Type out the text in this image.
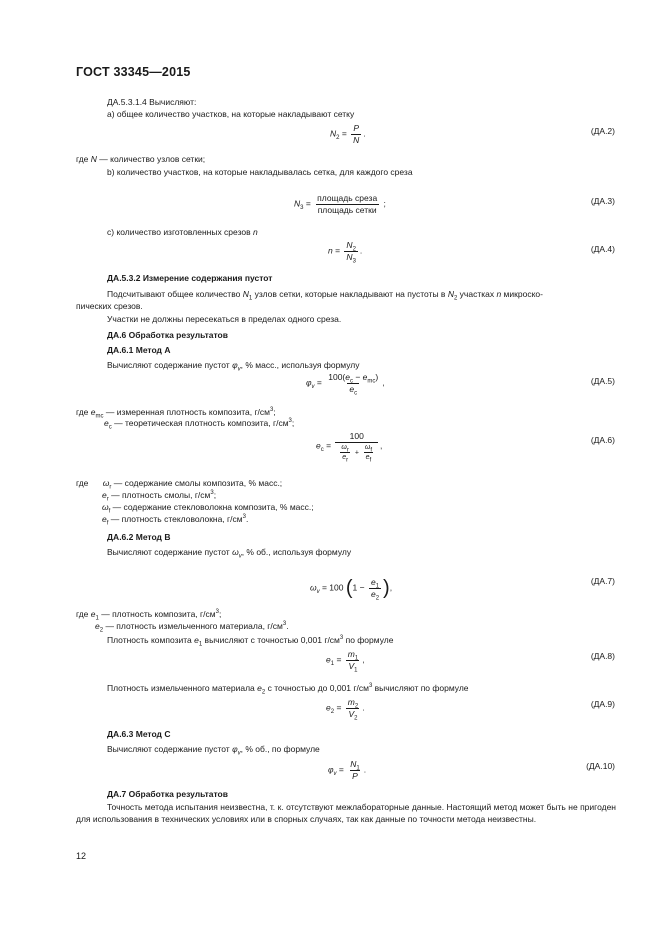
ГОСТ 33345—2015
ДА.5.3.1.4 Вычисляют:
а) общее количество участков, на которые накладывают сетку
$N_2 = \frac{P}{N}$ .	(ДА.2)
где N — количество узлов сетки;
b) количество участков, на которые накладывалась сетка, для каждого среза
$N_3 = \frac{\text{площадь среза}}{\text{площадь сетки}}$ ;	(ДА.3)
c) количество изготовленных срезов n
$n = \frac{N_2}{N_3}$ .	(ДА.4)
ДА.5.3.2 Измерение содержания пустот
Подсчитывают общее количество $N_1$ узлов сетки, которые накладывают на пустоты в $N_2$ участках n микроско-
пических срезов.
Участки не должны пересекаться в пределах одного среза.
ДА.6 Обработка результатов
ДА.6.1 Метод А
Вычисляют содержание пустот $\varphi_v$, % масс., используя формулу
$\varphi_v = \frac{100(e_c - e_{mc})}{e_c}$ ,	(ДА.5)
где $e_{mc}$ — измеренная плотность композита, $г/см^3$;
$e_c$ — теоретическая плотность композита, $г/см^3$;
$e_c = \frac{100}{\frac{\omega_r}{e_r} + \frac{\omega_f}{e_f}}$ ,
(ДА.6)
где $\omega_r$ — содержание смолы композита, % масс.;
$e_r$ — плотность смолы, $г/см^3$;
$\omega_f$ — содержание стекловолокна композита, % масс.;
$e_f$ — плотность стекловолокна, $г/см^3$.
ДА.6.2 Метод В
Вычисляют содержание пустот $\omega_v$, % об., используя формулу
$\omega_v = 100$ ($1 - \frac{e_1}{e_2}$ ),
(ДА.7)
где $e_1$ — плотность композита, $г/см^3$;
$e_2$ — плотность измельченного материала, $г/см^3$.
Плотность композита $e_1$ вычисляют с точностью 0,001 $г/см^3$ по формуле
$e_1 = \frac{m_1}{V_1}$ ,	(ДА.8)
Плотность измельченного материала $e_2$ с точностью до 0,001 $г/см^3$ вычисляют по формуле
$e_2 = \frac{m_2}{V_2}$ .	(ДА.9)
ДА.6.3 Метод С
Вычисляют содержание пустот $\varphi_v$, % об., по формуле
$\varphi_v = \frac{N_1}{P}$ .	(ДА.10)
ДА.7 Обработка результатов
Точность метода испытания неизвестна, т. к. отсутствуют межлабораторные данные. Настоящий метод может быть не пригоден для использования в технических условиях или в спорных случаях, так как данные по точности метода неизвестны.
12
